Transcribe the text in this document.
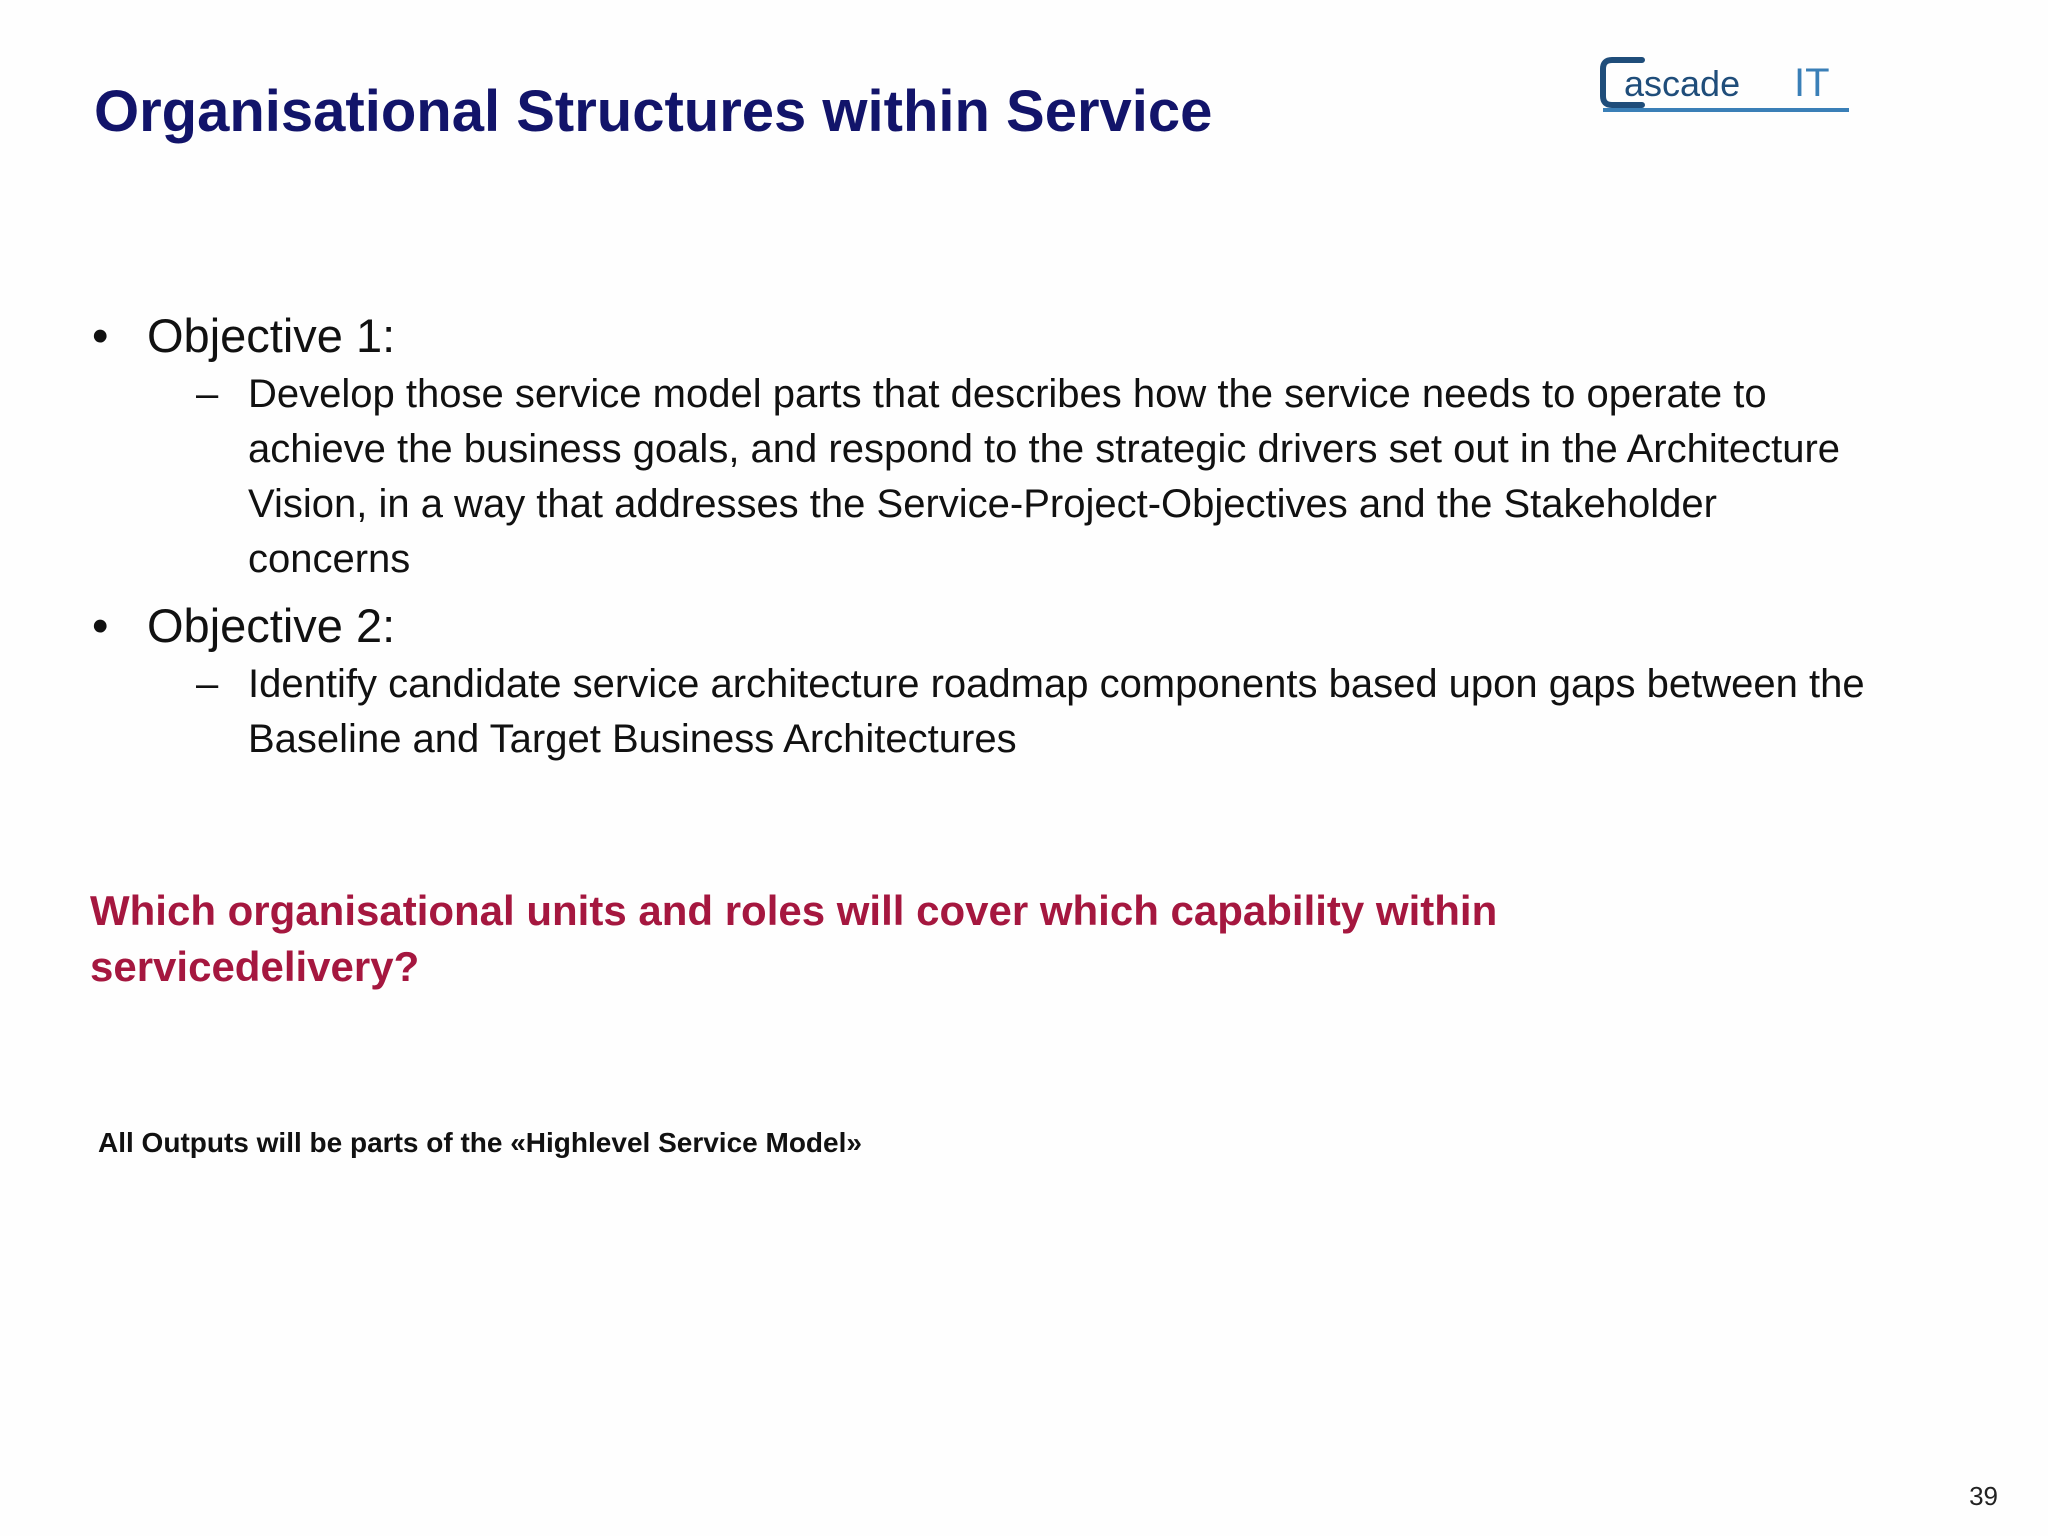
Organisational Structures within Service	ascade IT
• Objective 1:
– Develop those service model parts that describes how the service needs to operate to achieve the business goals, and respond to the strategic drivers set out in the Architecture Vision, in a way that addresses the Service-Project-Objectives and the Stakeholder concerns
• Objective 2:
– Identify candidate service architecture roadmap components based upon gaps between the Baseline and Target Business Architectures

Which organisational units and roles will cover which capability within servicedelivery?

All Outputs will be parts of the «Highlevel Service Model»

39
